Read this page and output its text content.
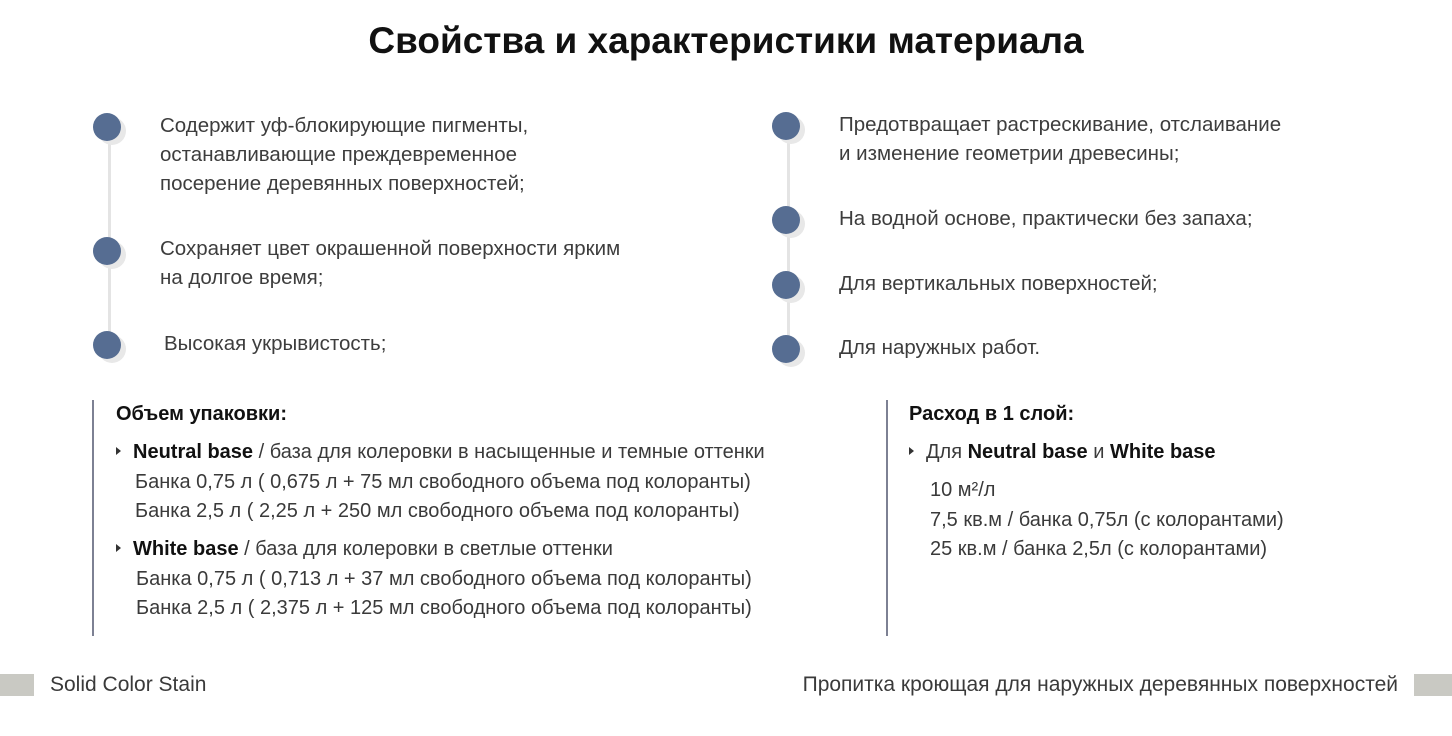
Свойства и характеристики материала
Содержит уф-блокирующие пигменты,
останавливающие преждевременное
посерение деревянных поверхностей;
Сохраняет цвет окрашенной поверхности ярким
на долгое время;
Высокая укрывистость;
Предотвращает растрескивание, отслаивание
и изменение геометрии древесины;
На водной основе, практически без запаха;
Для вертикальных поверхностей;
Для наружных работ.
Объем упаковки:
Neutral base / база для колеровки в насыщенные и темные оттенки
Банка 0,75 л ( 0,675 л + 75 мл свободного объема под колоранты)
Банка 2,5 л ( 2,25 л + 250 мл свободного объема под колоранты)
White base / база для колеровки в светлые оттенки
Банка 0,75 л ( 0,713 л + 37 мл свободного объема под колоранты)
Банка 2,5 л ( 2,375 л + 125 мл свободного объема под колоранты)
Расход в 1 слой:
Для Neutral base и White base
10 м²/л
7,5 кв.м / банка 0,75л (с колорантами)
25 кв.м / банка 2,5л (с колорантами)
Solid Color Stain	Пропитка кроющая для наружных деревянных поверхностей
